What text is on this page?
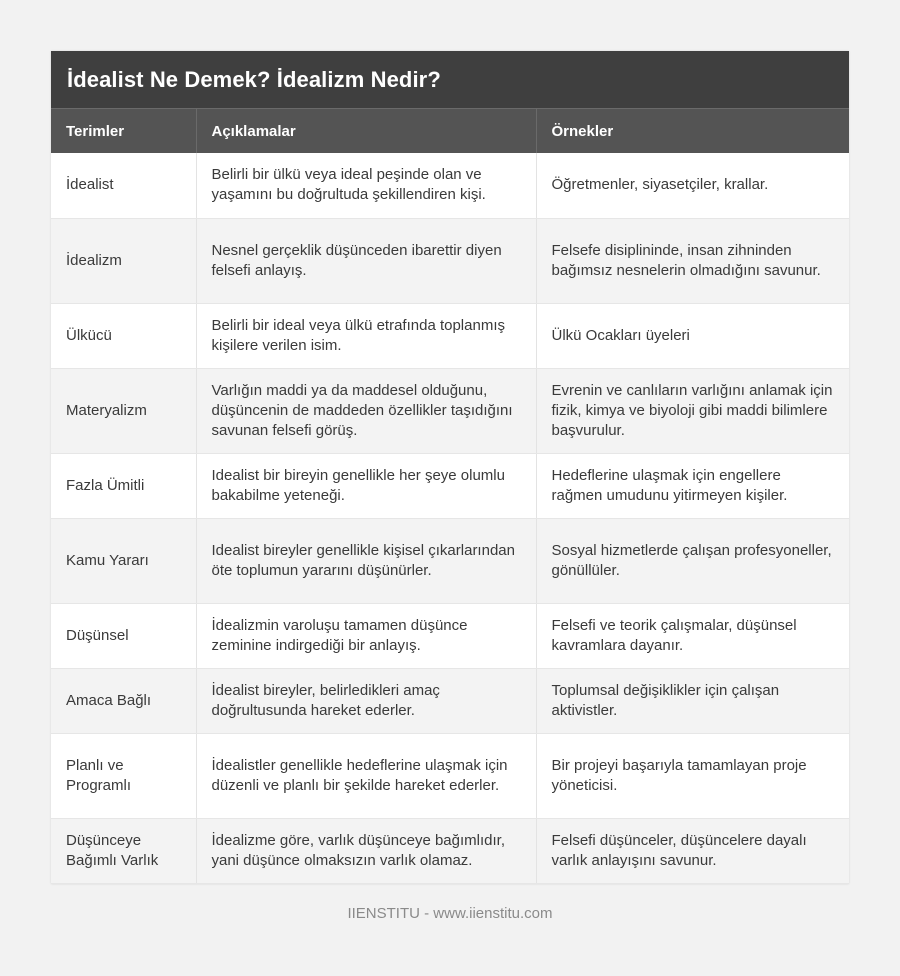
İdealist Ne Demek? İdealizm Nedir?
Terimler	Açıklamalar	Örnekler
İdealist	Belirli bir ülkü veya ideal peşinde olan ve yaşamını bu doğrultuda şekillendiren kişi.	Öğretmenler, siyasetçiler, krallar.
İdealizm	Nesnel gerçeklik düşünceden ibarettir diyen felsefi anlayış.	Felsefe disiplininde, insan zihninden bağımsız nesnelerin olmadığını savunur.
Ülkücü	Belirli bir ideal veya ülkü etrafında toplanmış kişilere verilen isim.	Ülkü Ocakları üyeleri
Materyalizm	Varlığın maddi ya da maddesel olduğunu, düşüncenin de maddeden özellikler taşıdığını savunan felsefi görüş.	Evrenin ve canlıların varlığını anlamak için fizik, kimya ve biyoloji gibi maddi bilimlere başvurulur.
Fazla Ümitli	Idealist bir bireyin genellikle her şeye olumlu bakabilme yeteneği.	Hedeflerine ulaşmak için engellere rağmen umudunu yitirmeyen kişiler.
Kamu Yararı	Idealist bireyler genellikle kişisel çıkarlarından öte toplumun yararını düşünürler.	Sosyal hizmetlerde çalışan profesyoneller, gönüllüler.
Düşünsel	İdealizmin varoluşu tamamen düşünce zeminine indirgediği bir anlayış.	Felsefi ve teorik çalışmalar, düşünsel kavramlara dayanır.
Amaca Bağlı	İdealist bireyler, belirledikleri amaç doğrultusunda hareket ederler.	Toplumsal değişiklikler için çalışan aktivistler.
Planlı ve Programlı	İdealistler genellikle hedeflerine ulaşmak için düzenli ve planlı bir şekilde hareket ederler.	Bir projeyi başarıyla tamamlayan proje yöneticisi.
Düşünceye Bağımlı Varlık	İdealizme göre, varlık düşünceye bağımlıdır, yani düşünce olmaksızın varlık olamaz.	Felsefi düşünceler, düşüncelere dayalı varlık anlayışını savunur.
IIENSTITU - www.iienstitu.com
